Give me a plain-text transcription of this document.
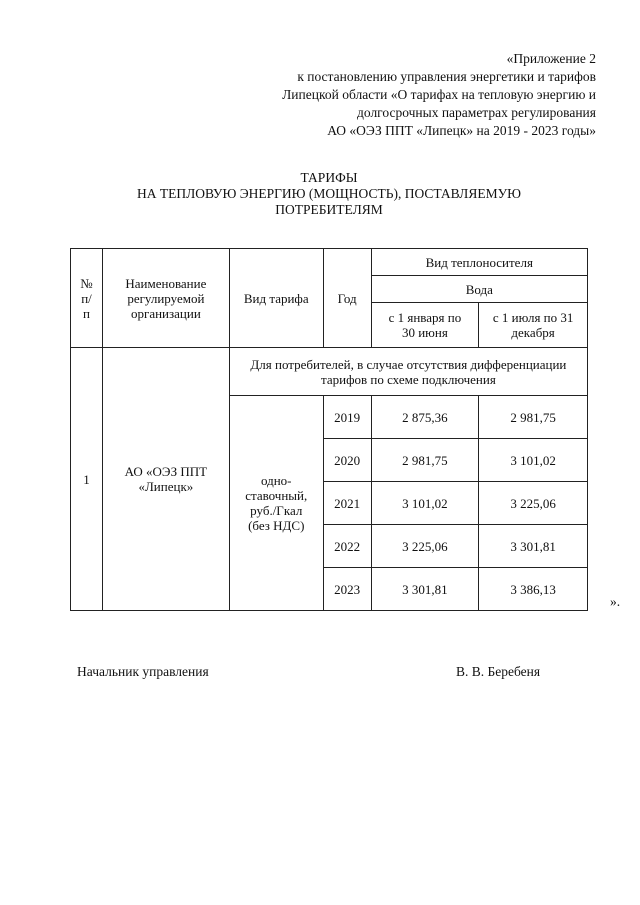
«Приложение 2
к постановлению управления энергетики и тарифов
Липецкой области «О тарифах на тепловую энергию и
долгосрочных параметрах регулирования
АО «ОЭЗ ППТ «Липецк» на 2019 - 2023 годы»
ТАРИФЫ
НА ТЕПЛОВУЮ ЭНЕРГИЮ (МОЩНОСТЬ), ПОСТАВЛЯЕМУЮ
ПОТРЕБИТЕЛЯМ
№ п/п	Наименование регулируемой организации	Вид тарифа	Год	Вид теплоносителя	
				Вода	
				с 1 января по 30 июня	с 1 июля по 31 декабря
1	АО «ОЭЗ ППТ «Липецк»	Для потребителей, в случае отсутствия дифференциации тарифов по схеме подключения			
		одно-ставочный, руб./Гкал (без НДС)	2019	2 875,36	2 981,75
			2020	2 981,75	3 101,02
			2021	3 101,02	3 225,06
			2022	3 225,06	3 301,81
			2023	3 301,81	3 386,13
».
Начальник управления	В. В. Беребеня
